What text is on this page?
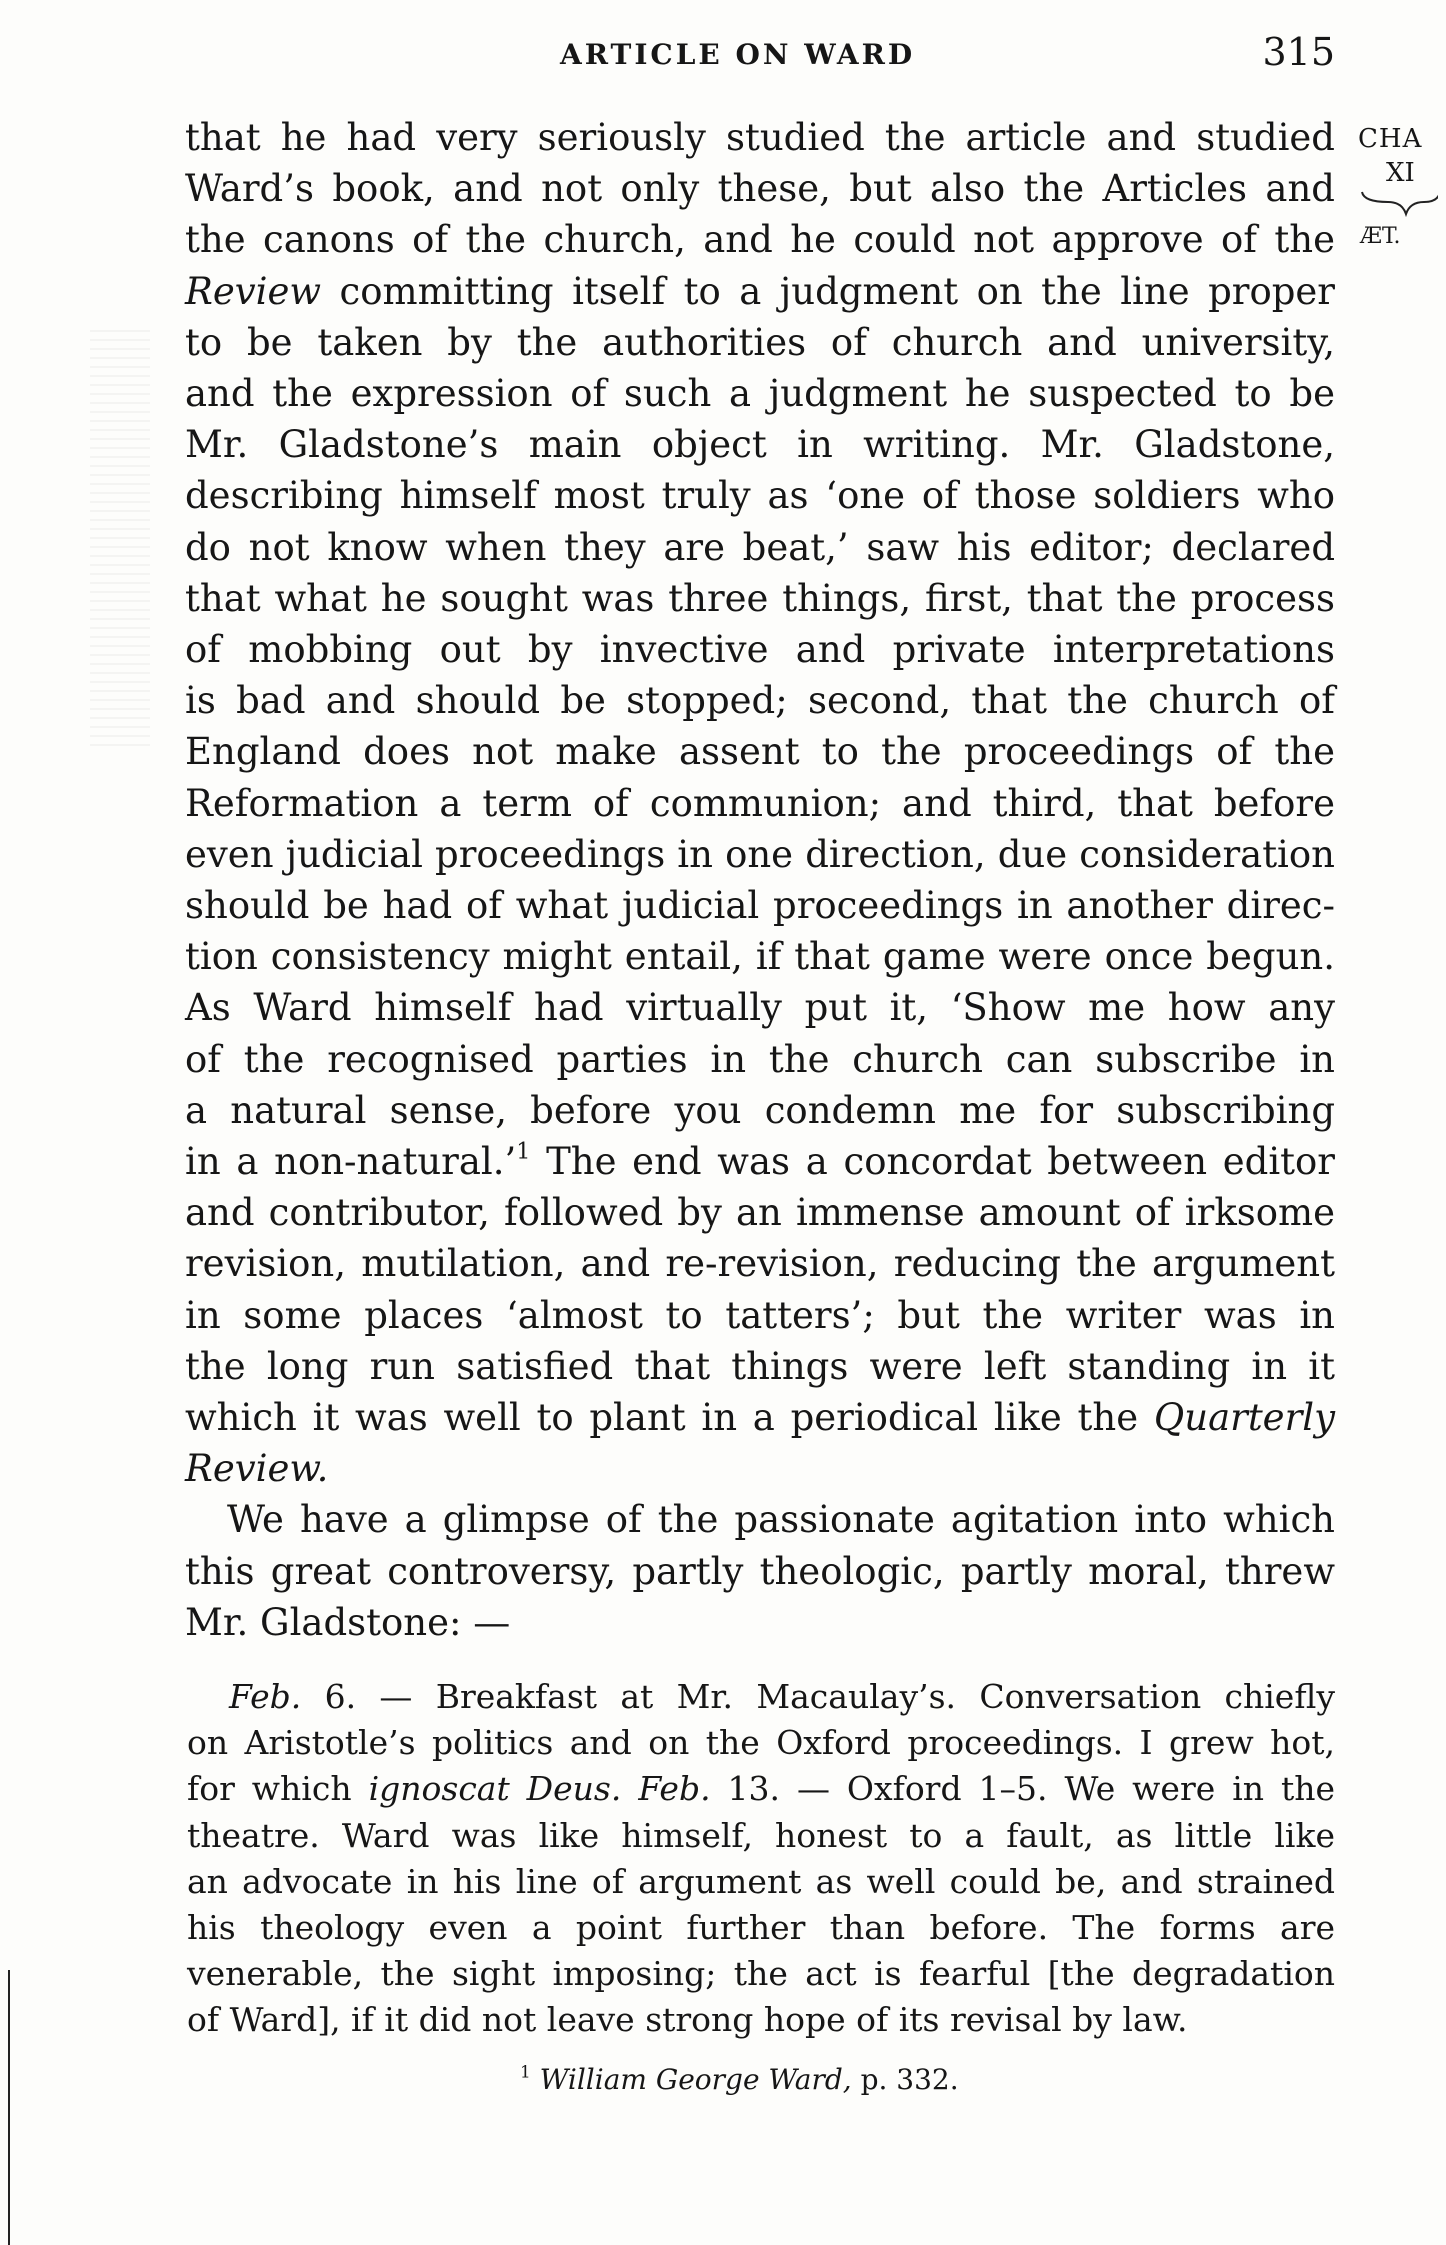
ARTICLE ON WARD	315
CHA
XI
ÆT.
that he had very seriously studied the article and studied
Ward’s book, and not only these, but also the Articles and
the canons of the church, and he could not approve of the
Review committing itself to a judgment on the line proper
to be taken by the authorities of church and university,
and the expression of such a judgment he suspected to be
Mr. Gladstone’s main object in writing. Mr. Gladstone,
describing himself most truly as ‘one of those soldiers who
do not know when they are beat,’ saw his editor; declared
that what he sought was three things, first, that the process
of mobbing out by invective and private interpretations
is bad and should be stopped; second, that the church of
England does not make assent to the proceedings of the
Reformation a term of communion; and third, that before
even judicial proceedings in one direction, due consideration
should be had of what judicial proceedings in another direc-
tion consistency might entail, if that game were once begun.
As Ward himself had virtually put it, ‘Show me how any
of the recognised parties in the church can subscribe in
a natural sense, before you condemn me for subscribing
in a non-natural.’$^1$ The end was a concordat between editor
and contributor, followed by an immense amount of irksome
revision, mutilation, and re-revision, reducing the argument
in some places ‘almost to tatters’; but the writer was in
the long run satisfied that things were left standing in it
which it was well to plant in a periodical like the Quarterly
Review.
We have a glimpse of the passionate agitation into which
this great controversy, partly theologic, partly moral, threw
Mr. Gladstone: —
Feb. 6. — Breakfast at Mr. Macaulay’s. Conversation chiefly
on Aristotle’s politics and on the Oxford proceedings. I grew hot,
for which ignoscat Deus. Feb. 13. — Oxford 1–5. We were in the
theatre. Ward was like himself, honest to a fault, as little like
an advocate in his line of argument as well could be, and strained
his theology even a point further than before. The forms are
venerable, the sight imposing; the act is fearful [the degradation
of Ward], if it did not leave strong hope of its revisal by law.
$^1$ William George Ward, p. 332.
